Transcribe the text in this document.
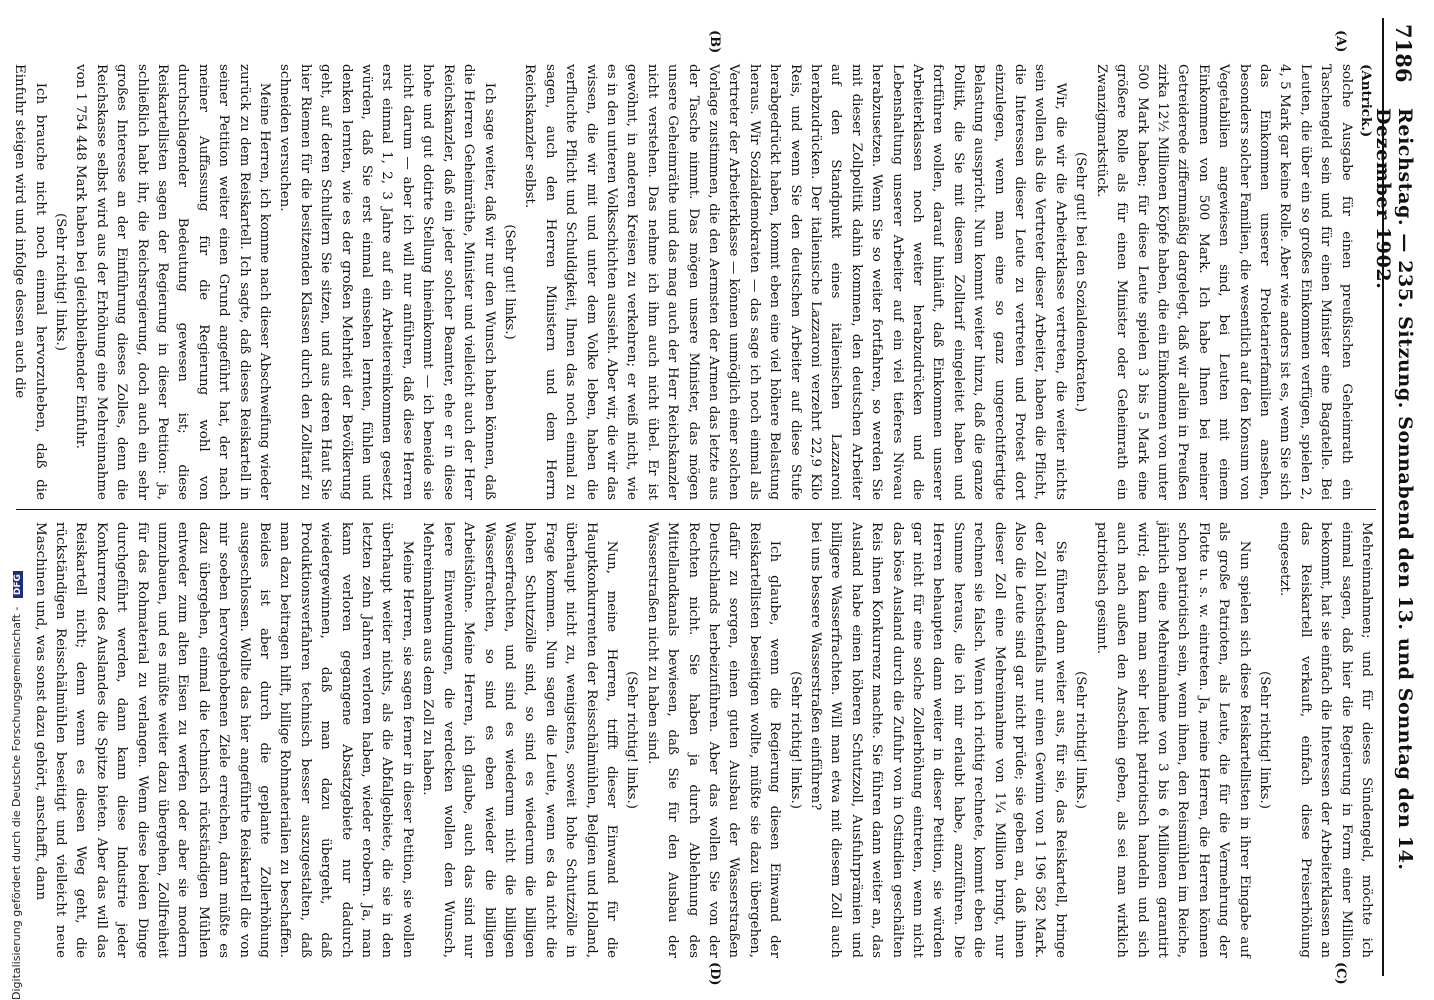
7186
Reichstag. — 235. Sitzung. Sonnabend den 13. und Sonntag den 14. Dezember 1902.
(A)
(B)
(C)
(D)

(Antrick.)

solche Ausgabe für einen preußischen Geheimrath ein Taschengeld sein und für einen Minister eine Bagatelle. Bei Leuten, die über ein so großes Einkommen verfügen, spielen 2, 4, 5 Mark gar keine Rolle. Aber wie anders ist es, wenn Sie sich das Einkommen unserer Proletarierfamilien ansehen, besonders solcher Familien, die wesentlich auf den Konsum von Vegetabilien angewiesen sind, bei Leuten mit einem Einkommen von 500 Mark. Ich habe Ihnen bei meiner Getreiderede ziffernmäßig dargelegt, daß wir allein in Preußen zirka 12½ Millionen Köpfe haben, die ein Einkommen von unter 500 Mark haben; für diese Leute spielen 3 bis 5 Mark eine größere Rolle als für einen Minister oder Geheimrath ein Zwanzigmarkstück.

(Sehr gut! bei den Sozialdemokraten.)

Wir, die wir die Arbeiterklasse vertreten, die weiter nichts sein wollen als die Vertreter dieser Arbeiter, haben die Pflicht, die Interessen dieser Leute zu vertreten und Protest dort einzulegen, wenn man eine so ganz ungerechtfertigte Belastung ausspricht. Nun kommt weiter hinzu, daß die ganze Politik, die Sie mit diesem Zolltarif eingeleitet haben und fortführen wollen, darauf hinläuft, daß Einkommen unserer Arbeiterklassen noch weiter herabzudrücken und die Lebenshaltung unserer Arbeiter auf ein viel tieferes Niveau herabzusetzen. Wenn Sie so weiter fortfahren, so werden Sie mit dieser Zollpolitik dahin kommen, den deutschen Arbeiter auf den Standpunkt eines italienischen Lazzaroni herabzudrücken. Der italienische Lazzaroni verzehrt 22,9 Kilo Reis, und wenn Sie den deutschen Arbeiter auf diese Stufe herabgedrückt haben, kommt eben eine viel höhere Belastung heraus. Wir Sozialdemokraten — das sage ich noch einmal als Vertreter der Arbeiterklasse — können unmöglich einer solchen Vorlage zustimmen, die den Aermsten der Armen das letzte aus der Tasche nimmt. Das mögen unsere Minister, das mögen unsere Geheimräthe und das mag auch der Herr Reichskanzler nicht verstehen. Das nehme ich ihm auch nicht übel. Er ist gewöhnt, in anderen Kreisen zu verkehren; er weiß nicht, wie es in den unteren Volksschichten aussieht. Aber wir, die wir das wissen, die wir mit und unter dem Volke leben, haben die verfluchte Pflicht und Schuldigkeit, Ihnen das noch einmal zu sagen, auch den Herren Ministern und dem Herrn Reichskanzler selbst.

(Sehr gut! links.)

Ich sage weiter, daß wir nur den Wunsch haben können, daß die Herren Geheimräthe, Minister und vielleicht auch der Herr Reichskanzler, daß ein jeder solcher Beamter, ehe er in diese hohe und gut dotirte Stellung hineinkommt — ich beneide sie nicht darum — aber ich will nur anführen, daß diese Herren erst einmal 1, 2, 3 Jahre auf ein Arbeitereinkommen gesetzt würden, daß Sie erst einmal einsehen lernten, fühlen und denken lernten, wie es der großen Mehrheit der Bevölkerung geht, auf deren Schultern Sie sitzen, und aus deren Haut Sie hier Riemen für die besitzenden Klassen durch den Zolltarif zu schneiden versuchen.

Meine Herren, ich komme nach dieser Abschweifung wieder zurück zu dem Reiskartell. Ich sagte, daß dieses Reiskartell in seiner Petition weiter einen Grund angeführt hat, der nach meiner Auffassung für die Regierung wohl von durchschlagender Bedeutung gewesen ist; diese Reiskartellisten sagen der Regierung in dieser Petition: ja, schließlich habt ihr, die Reichsregierung, doch auch ein sehr großes Interesse an der Einführung dieses Zolles, denn die Reichskasse selbst wird aus der Erhöhung eine Mehreinnahme von 1 754 448 Mark haben bei gleichbleibender Einfuhr.

(Sehr richtig! links.)

Ich brauche nicht noch einmal hervorzuheben, daß die Einfuhr steigen wird und infolge dessen auch die

Mehreinnahmen; und für dieses Sündengeld, möchte ich einmal sagen, daß hier die Regierung in Form einer Million bekommt, hat sie einfach die Interessen der Arbeiterklassen an das Reiskartell verkauft, einfach diese Preiserhöhung eingesetzt.

(Sehr richtig! links.)

Nun spielen sich diese Reiskartellisten in ihrer Eingabe auf als große Patrioten, als Leute, die für die Vermehrung der Flotte u. s. w. eintreten. Ja, meine Herren, die Herren können schon patriotisch sein, wenn ihnen, den Reismühlen im Reiche, jährlich eine Mehreinnahme von 3 bis 6 Millionen garantirt wird; da kann man sehr leicht patriotisch handeln und sich auch nach außen den Anschein geben, als sei man wirklich patriotisch gesinnt.

(Sehr richtig! links.)

Sie führen dann weiter aus, für sie, das Reiskartell, bringe der Zoll höchstenfalls nur einen Gewinn von 1 196 582 Mark. Also die Leute sind gar nicht prüde; sie geben an, daß ihnen dieser Zoll eine Mehreinnahme von 1¼ Million bringt, nur rechnen sie falsch. Wenn ich richtig rechnete, kommt eben die Summe heraus, die ich mir erlaubt habe, anzuführen. Die Herren behaupten dann weiter in dieser Petition, sie würden gar nicht für eine solche Zollerhöhung eintreten, wenn nicht das böse Ausland durch die Zufuhr von in Ostindien geschälten Reis ihnen Konkurrenz machte. Sie führen dann weiter an, das Ausland habe einen höheren Schutzzoll, Ausfuhrprämien und billigere Wasserfrachten. Will man etwa mit diesem Zoll auch bei uns bessere Wasserstraßen einführen?

(Sehr richtig! links.)

Ich glaube, wenn die Regierung diesen Einwand der Reiskartellisten beseitigen wollte, müßte sie dazu übergehen, dafür zu sorgen, einen guten Ausbau der Wasserstraßen Deutschlands herbeizuführen. Aber das wollen Sie von der Rechten nicht. Sie haben ja durch Ablehnung des Mittellandkanals bewiesen, daß Sie für den Ausbau der Wasserstraßen nicht zu haben sind.

(Sehr richtig! links.)

Nun, meine Herren, trifft dieser Einwand für die Hauptkonkurrenten der Reisschälmühlen, Belgien und Holland, überhaupt nicht zu, wenigstens, soweit hohe Schutzzölle in Frage kommen. Nun sagen die Leute, wenn es da nicht die hohen Schutzzölle sind, so sind es wiederum die billigen Wasserfrachten, und sind es wiederum nicht die billigen Wasserfrachten, so sind es eben wieder die billigen Arbeitslöhne. Meine Herren, ich glaube, auch das sind nur leere Einwendungen, die verdecken wollen den Wunsch, Mehreinnahmen aus dem Zoll zu haben.

Meine Herren, sie sagen ferner in dieser Petition, sie wollen überhaupt weiter nichts, als die Abfallgebiete, die sie in den letzten zehn Jahren verloren haben, wieder erobern. Ja, man kann verloren gegangene Absatzgebiete nur dadurch wiedergewinnen, daß man dazu übergeht, daß Produktionsverfahren technisch besser auszugestalten, daß man dazu beitragen hilft, billige Rohmaterialien zu beschaffen. Beides ist aber durch die geplante Zollerhöhung ausgeschlossen. Wollte das hier angeführte Reiskartell die von mir soeben hervorgehobenen Ziele erreichen, dann müßte es dazu übergehen, einmal die technisch rückständigen Mühlen entweder zum alten Eisen zu werfen oder aber sie modern umzubauen, und es müßte weiter dazu übergehen, Zollfreiheit für das Rohmaterial zu verlangen. Wenn diese beiden Dinge durchgeführt werden, dann kann diese Industrie jeder Konkurrenz des Auslandes die Spitze bieten. Aber das will das Reiskartell nicht; denn wenn es diesen Weg geht, die rückständigen Reisschälmühlen beseitigt und vielleicht neue Maschinen und, was sonst dazu gehört, anschafft, dann

Digitalisierung gefördert durch die Deutsche Forschungsgemeinschaft - DFG
